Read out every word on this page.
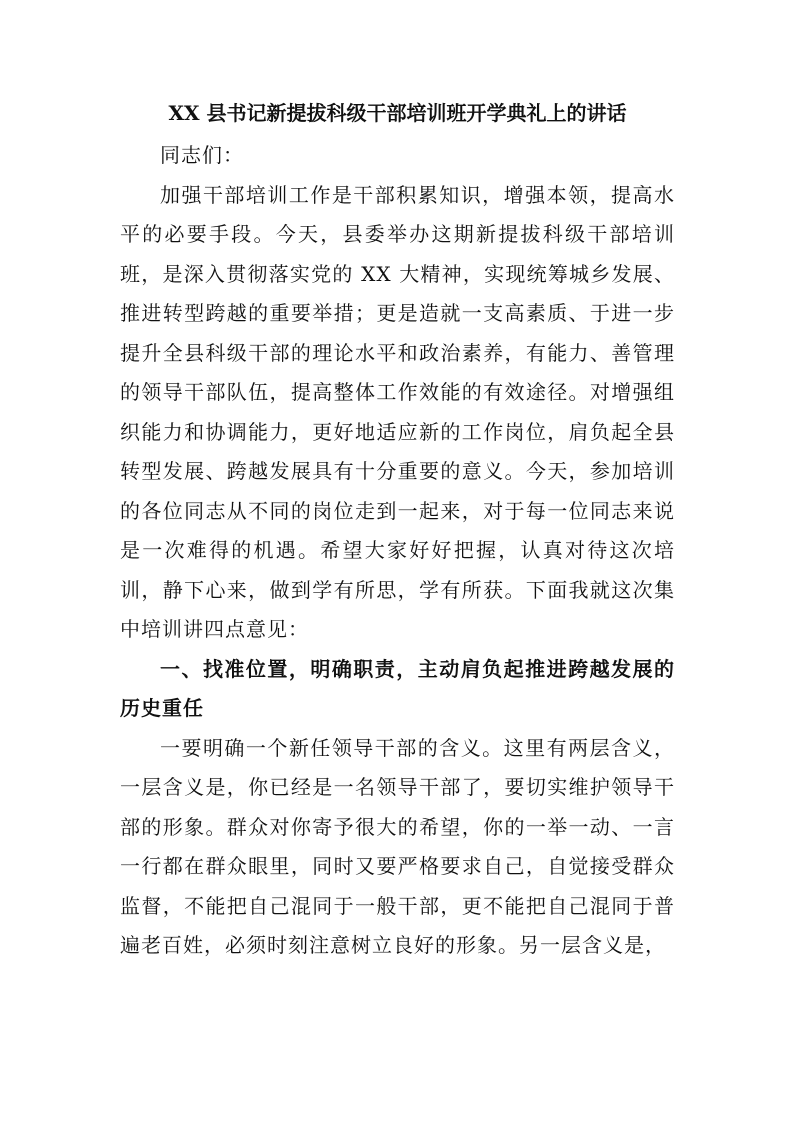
XX 县书记新提拔科级干部培训班开学典礼上的讲话

同志们：

加强干部培训工作是干部积累知识，增强本领，提高水平的必要手段。今天，县委举办这期新提拔科级干部培训班，是深入贯彻落实党的 XX 大精神，实现统筹城乡发展、推进转型跨越的重要举措；更是造就一支高素质、于进一步提升全县科级干部的理论水平和政治素养，有能力、善管理的领导干部队伍，提高整体工作效能的有效途径。对增强组织能力和协调能力，更好地适应新的工作岗位，肩负起全县转型发展、跨越发展具有十分重要的意义。今天，参加培训的各位同志从不同的岗位走到一起来，对于每一位同志来说是一次难得的机遇。希望大家好好把握，认真对待这次培训，静下心来，做到学有所思，学有所获。下面我就这次集中培训讲四点意见：

一、找准位置，明确职责，主动肩负起推进跨越发展的历史重任

一要明确一个新任领导干部的含义。这里有两层含义，一层含义是，你已经是一名领导干部了，要切实维护领导干部的形象。群众对你寄予很大的希望，你的一举一动、一言一行都在群众眼里，同时又要严格要求自己，自觉接受群众监督，不能把自己混同于一般干部，更不能把自己混同于普遍老百姓，必须时刻注意树立良好的形象。另一层含义是，
